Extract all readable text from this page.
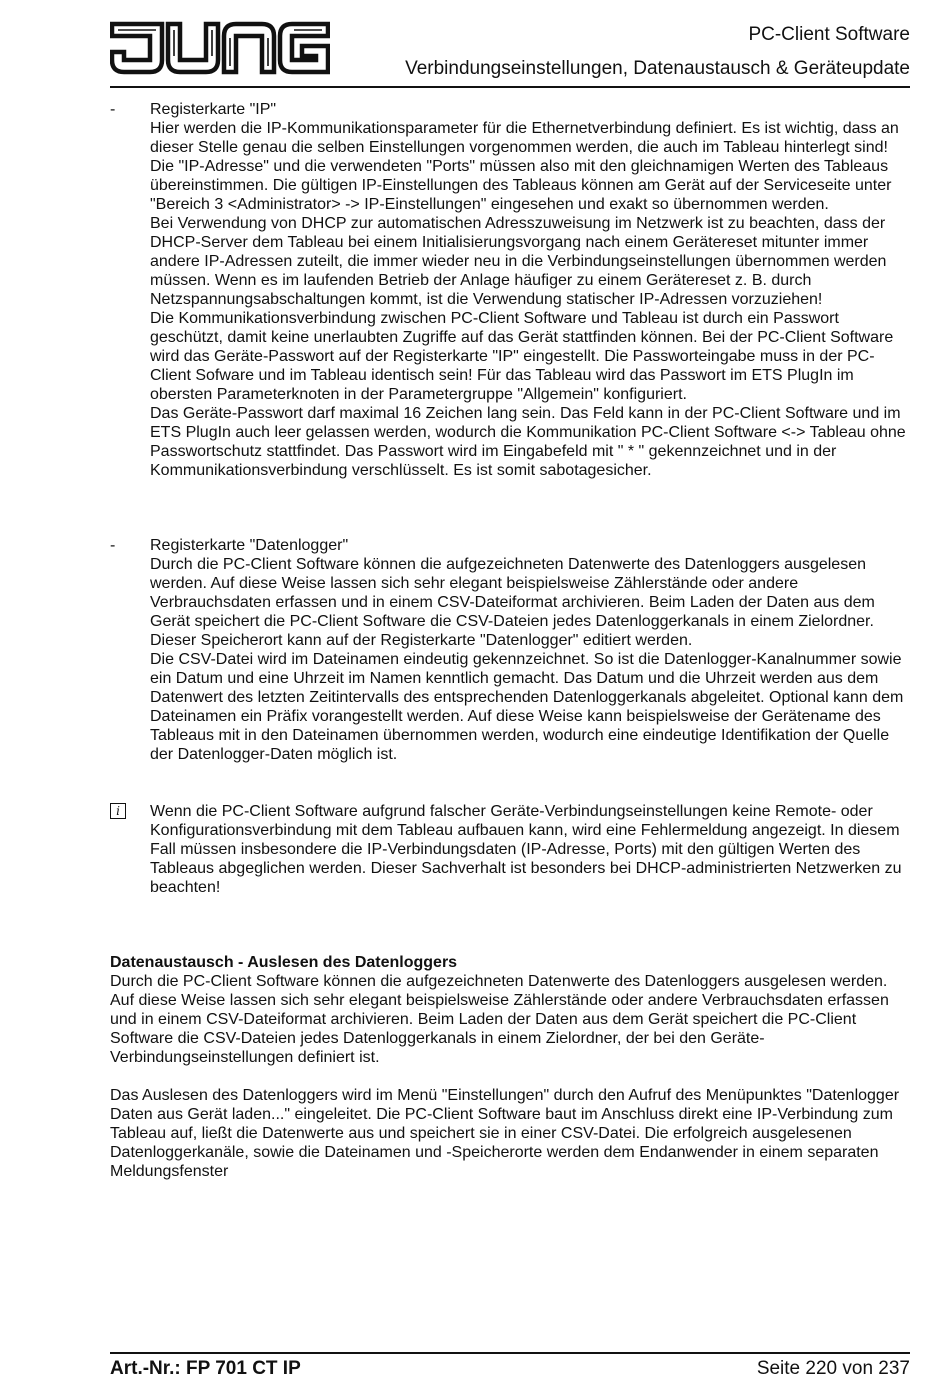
PC-Client Software
Verbindungseinstellungen, Datenaustausch & Geräteupdate
-	Registerkarte "IP"

Hier werden die IP-Kommunikationsparameter für die Ethernetverbindung definiert. Es ist wichtig, dass an dieser Stelle genau die selben Einstellungen vorgenommen werden, die auch im Tableau hinterlegt sind! Die "IP-Adresse" und die verwendeten "Ports" müssen also mit den gleichnamigen Werten des Tableaus übereinstimmen. Die gültigen IP-Einstellungen des Tableaus können am Gerät auf der Serviceseite unter "Bereich 3 <Administrator> -> IP-Einstellungen" eingesehen und exakt so übernommen werden.

Bei Verwendung von DHCP zur automatischen Adresszuweisung im Netzwerk ist zu beachten, dass der DHCP-Server dem Tableau bei einem Initialisierungsvorgang nach einem Gerätereset mitunter immer andere IP-Adressen zuteilt, die immer wieder neu in die Verbindungseinstellungen übernommen werden müssen. Wenn es im laufenden Betrieb der Anlage häufiger zu einem Gerätereset z. B. durch Netzspannungsabschaltungen kommt, ist die Verwendung statischer IP-Adressen vorzuziehen!

Die Kommunikationsverbindung zwischen PC-Client Software und Tableau ist durch ein Passwort geschützt, damit keine unerlaubten Zugriffe auf das Gerät stattfinden können. Bei der PC-Client Software wird das Geräte-Passwort auf der Registerkarte "IP" eingestellt. Die Passworteingabe muss in der PC-Client Sofware und im Tableau identisch sein! Für das Tableau wird das Passwort im ETS PlugIn im obersten Parameterknoten in der Parametergruppe "Allgemein" konfiguriert.

Das Geräte-Passwort darf maximal 16 Zeichen lang sein. Das Feld kann in der PC-Client Software und im ETS PlugIn auch leer gelassen werden, wodurch die Kommunikation PC-Client Software <-> Tableau ohne Passwortschutz stattfindet. Das Passwort wird im Eingabefeld mit " * " gekennzeichnet und in der Kommunikationsverbindung verschlüsselt. Es ist somit sabotagesicher.

-	Registerkarte "Datenlogger"

Durch die PC-Client Software können die aufgezeichneten Datenwerte des Datenloggers ausgelesen werden. Auf diese Weise lassen sich sehr elegant beispielsweise Zählerstände oder andere Verbrauchsdaten erfassen und in einem CSV-Dateiformat archivieren. Beim Laden der Daten aus dem Gerät speichert die PC-Client Software die CSV-Dateien jedes Datenloggerkanals in einem Zielordner. Dieser Speicherort kann auf der Registerkarte "Datenlogger" editiert werden.

Die CSV-Datei wird im Dateinamen eindeutig gekennzeichnet. So ist die Datenlogger-Kanalnummer sowie ein Datum und eine Uhrzeit im Namen kenntlich gemacht. Das Datum und die Uhrzeit werden aus dem Datenwert des letzten Zeitintervalls des entsprechenden Datenloggerkanals abgeleitet. Optional kann dem Dateinamen ein Präfix vorangestellt werden. Auf diese Weise kann beispielsweise der Gerätename des Tableaus mit in den Dateinamen übernommen werden, wodurch eine eindeutige Identifikation der Quelle der Datenlogger-Daten möglich ist.

i	Wenn die PC-Client Software aufgrund falscher Geräte-Verbindungseinstellungen keine Remote- oder Konfigurationsverbindung mit dem Tableau aufbauen kann, wird eine Fehlermeldung angezeigt. In diesem Fall müssen insbesondere die IP-Verbindungsdaten (IP-Adresse, Ports) mit den gültigen Werten des Tableaus abgeglichen werden. Dieser Sachverhalt ist besonders bei DHCP-administrierten Netzwerken zu beachten!

Datenaustausch - Auslesen des Datenloggers

Durch die PC-Client Software können die aufgezeichneten Datenwerte des Datenloggers ausgelesen werden. Auf diese Weise lassen sich sehr elegant beispielsweise Zählerstände oder andere Verbrauchsdaten erfassen und in einem CSV-Dateiformat archivieren. Beim Laden der Daten aus dem Gerät speichert die PC-Client Software die CSV-Dateien jedes Datenloggerkanals in einem Zielordner, der bei den Geräte-Verbindungseinstellungen definiert ist.

Das Auslesen des Datenloggers wird im Menü "Einstellungen" durch den Aufruf des Menüpunktes "Datenlogger Daten aus Gerät laden..." eingeleitet. Die PC-Client Software baut im Anschluss direkt eine IP-Verbindung zum Tableau auf, ließt die Datenwerte aus und speichert sie in einer CSV-Datei. Die erfolgreich ausgelesenen Datenloggerkanäle, sowie die Dateinamen und -Speicherorte werden dem Endanwender in einem separaten Meldungsfenster

Art.-Nr.: FP 701 CT IP	Seite 220 von 237
